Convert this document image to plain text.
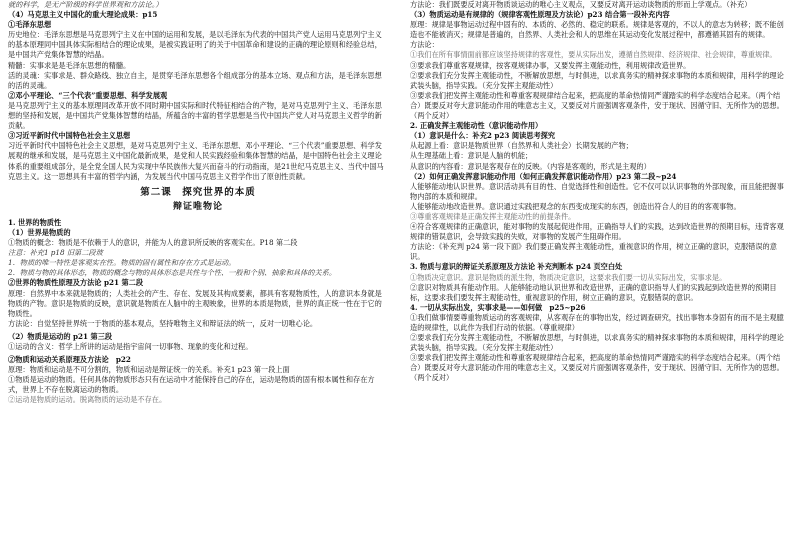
就的科学，是无产阶级的科学世界观和方法论。）
（4）马克思主义中国化的重大理论成果：p15
①毛泽东思想
历史地位：毛泽东思想是马克思列宁主义在中国的运用和发展，是以毛泽东为代表的中国共产党人运用马克思列宁主义的基本原理同中国具体实际相结合的理论成果，是被实践证明了的关于中国革命和建设的正确的理论原则和经验总结，是中国共产党集体智慧的结晶。
精髓：实事求是是毛泽东思想的精髓。
活的灵魂：实事求是、群众路线、独立自主，是贯穿毛泽东思想各个组成部分的基本立场、观点和方法，是毛泽东思想的活的灵魂。
②邓小平理论、“三个代表”重要思想、科学发展观
是马克思列宁主义的基本原理同改革开放不同时期中国实际和时代特征相结合的产物，是对马克思列宁主义、毛泽东思想的坚持和发展，是中国共产党集体智慧的结晶，所蕴含的丰富的哲学思想是当代中国共产党人对马克思主义哲学的新贡献。
③习近平新时代中国特色社会主义思想
习近平新时代中国特色社会主义思想，是对马克思列宁主义、毛泽东思想、邓小平理论、“三个代表”重要思想、科学发展观的继承和发展，是马克思主义中国化最新成果，是党和人民实践经验和集体智慧的结晶，是中国特色社会主义理论体系的重要组成部分，是全党全国人民为实现中华民族伟大复兴而奋斗的行动指南，是21世纪马克思主义、当代中国马克思主义。这一思想具有丰富的哲学内涵，为发展当代中国马克思主义哲学作出了原创性贡献。
第二课　探究世界的本质
辩证唯物论
1. 世界的物质性
（1）世界是物质的
①物质的概念：物质是不依赖于人的意识，并能为人的意识所反映的客观实在。P18 第二段
注意：补充1 p18 旧第二段玻
1．物质的唯一特性是客观实在性。物质的固有属性和存在方式是运动。
2．物质与物的具体形态，物质的概念与物的具体形态是共性与个性、一般和个别、抽象和具体的关系。
②世界的物质性原理及方法论 p21 第二段
原理：自然界中本来就是物质的；人类社会的产生、存在、发展及其构成要素，都具有客观物质性，人的意识本身就是物质的产物。意识是物质的反映，意识就是物质在人脑中的主观映象，世界的本质是物质，世界的真正统一性在于它的物质性。
方法论：自觉坚持世界统一于物质的基本观点，坚持唯物主义和辩证法的统一，反对一切唯心论。
（2）物质是运动的 p21 第三段
①运动的含义：哲学上所讲的运动是指宇宙间一切事物、现象的变化和过程。
②物质和运动关系原理及方法论　p22
原理：物质和运动是不可分割的，物质和运动是辩证统一的关系。补充1 p23 第一段上面
①物质是运动的物质。任何具体的物质形态只有在运动中才能保持自己的存在，运动是物质的固有根本属性和存在方式，世界上不存在脱离运动的物质。
②运动是物质的运动。脱离物质的运动是不存在。
方法论：我们既要反对离开物质谈运动的唯心主义观点，又要反对离开运动谈物质的形而上学观点。（补充）
（3）物质运动是有规律的（规律客观性原理及方法论）p23 结合第一段补充内容
原理：规律是事物运动过程中固有的、本质的、必然的、稳定的联系。规律是客观的，不以人的意志为转移；既不能创造也不能被消灭；规律是普遍的，自然界、人类社会和人的思维在其运动变化发展过程中，都遵循其固有的规律。
方法论：
①我们在所有事情面前都应该坚持规律的客观性，要从实际出发，遵循自然规律、经济规律、社会规律，尊重规律。
③要求我们尊重客观规律，按客观规律办事，又要发挥主观能动性，利用规律改造世界。
②要求我们充分发挥主观能动性，不断解放思想，与时俱进，以求真务实的精神探求事物的本质和规律，用科学的理论武装头脑，指导实践。（充分发挥主观能动性）
③要求我们把发挥主观能动性和尊重客观规律结合起来，把高度的革命热情同严谨踏实的科学态度结合起来。（两个结合）既要反对夸大意识能动作用的唯意志主义，又要反对片面强调客观条件，安于现状、因循守旧、无所作为的思想。（两个反对）
2. 正确发挥主观能动性（意识能动作用）
（1）意识是什么：补充2 p23 阅读思考探究
从起源上看：意识是物质世界（自然界和人类社会）长期发展的产物；
从生理基础上看：意识是人脑的机能；
从意识的内容看：意识是客观存在的反映。（内容是客观的，形式是主观的）
（2）如何正确发挥意识能动作用（如何正确发挥意识能动作用）p23 第二段~p24
人能够能动地认识世界。意识活动具有目的性、自觉选择性和创造性。它不仅可以认识事物的外部现象，而且能把握事物内部的本质和规律。
人能够能动地改造世界。意识通过实践把观念的东西变成现实的东西，创造出符合人的目的的客观事物。
③尊重客观规律是正确发挥主观能动性的前提条件。
④符合客观规律的正确意识，能对事物的发展起促进作用，正确指导人们的实践，达到改造世界的预期目标，违背客观规律的错误意识，会导致实践的失败，对事物的发展产生阻碍作用。
方法论：《补充判 p24 第一段下面》我们要正确发挥主观能动性，重视意识的作用，树立正确的意识，克服错误的意识。
3. 物质与意识的辩证关系原理及方法论 补充判断本 p24 页空白处
①物质决定意识。意识是物质的派生物，物质决定意识，这要求我们要一切从实际出发，实事求是。
②意识对物质具有能动作用。人能够能动地认识世界和改造世界，正确的意识指导人们的实践起到改造世界的预期目标，这要求我们要发挥主观能动性，重视意识的作用，树立正确的意识，克服错误的意识。
4. 一切从实际出发，实事求是——如何做　p25~p26
①我们做事情要尊重物质运动的客观规律，从客观存在的事物出发，经过调查研究，找出事物本身固有的而不是主观臆造的规律性，以此作为我们行动的依据。（尊重规律）
②要求我们充分发挥主观能动性，不断解放思想，与时俱进，以求真务实的精神探求事物的本质和规律，用科学的理论武装头脑，指导实践。（充分发挥主观能动性）
③要求我们把发挥主观能动性和尊重客观规律结合起来，把高度的革命热情同严谨踏实的科学态度结合起来。（两个结合）既要反对夸大意识能动作用的唯意志主义，又要反对片面强调客观条件，安于现状、因循守旧、无所作为的思想。（两个反对）
